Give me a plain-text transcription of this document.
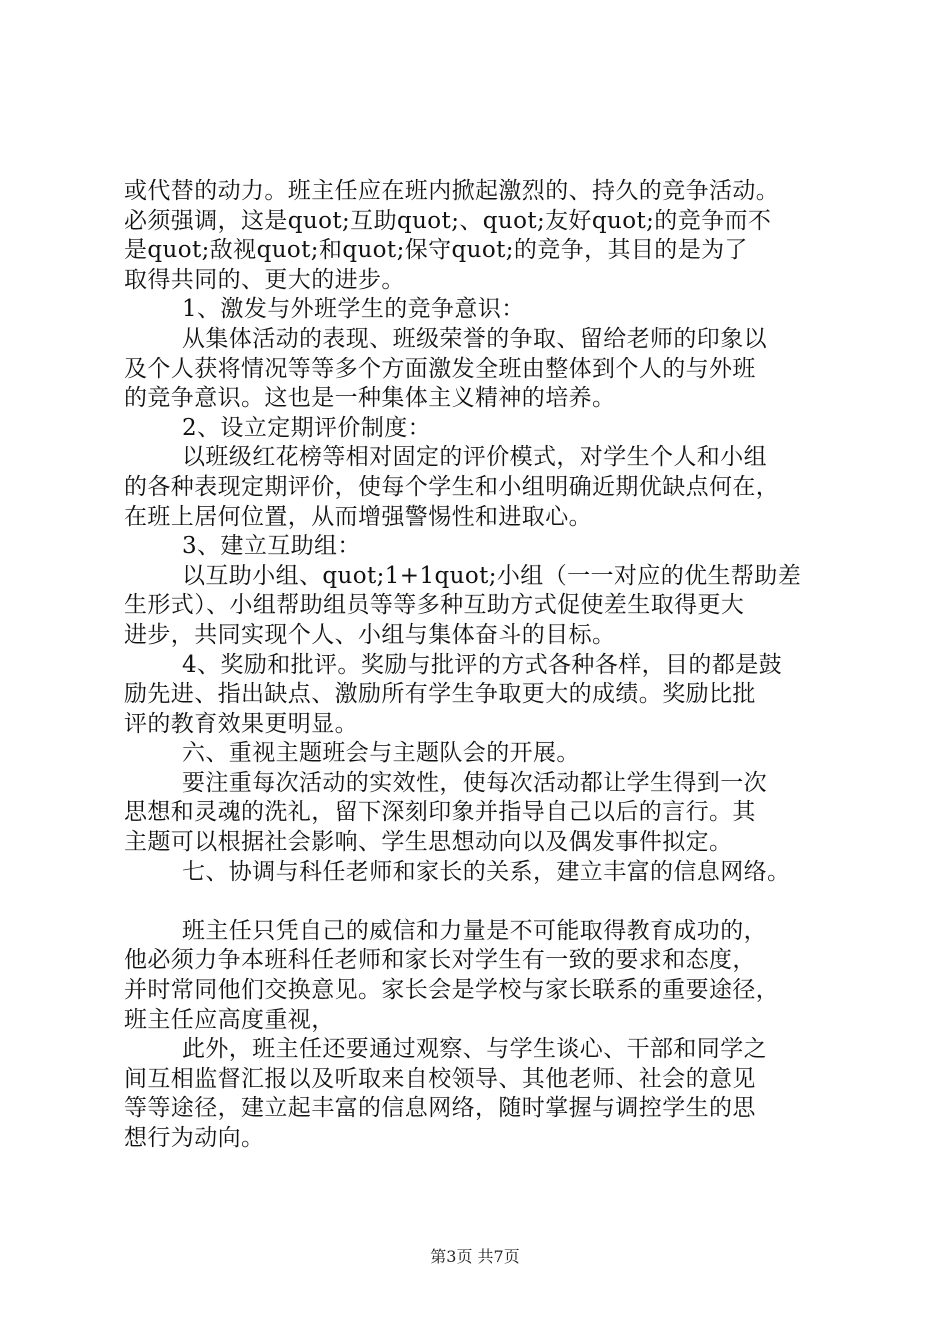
或代替的动力。班主任应在班内掀起激烈的、持久的竞争活动。
必须强调，这是quot;互助quot;、quot;友好quot;的竞争而不
是quot;敌视quot;和quot;保守quot;的竞争，其目的是为了
取得共同的、更大的进步。
1、激发与外班学生的竞争意识：
从集体活动的表现、班级荣誉的争取、留给老师的印象以
及个人获将情况等等多个方面激发全班由整体到个人的与外班
的竞争意识。这也是一种集体主义精神的培养。
2、设立定期评价制度：
以班级红花榜等相对固定的评价模式，对学生个人和小组
的各种表现定期评价，使每个学生和小组明确近期优缺点何在，
在班上居何位置，从而增强警惕性和进取心。
3、建立互助组：
以互助小组、quot;1+1quot;小组（一一对应的优生帮助差
生形式）、小组帮助组员等等多种互助方式促使差生取得更大
进步，共同实现个人、小组与集体奋斗的目标。
4、奖励和批评。奖励与批评的方式各种各样，目的都是鼓
励先进、指出缺点、激励所有学生争取更大的成绩。奖励比批
评的教育效果更明显。
六、重视主题班会与主题队会的开展。
要注重每次活动的实效性，使每次活动都让学生得到一次
思想和灵魂的洗礼，留下深刻印象并指导自己以后的言行。其
主题可以根据社会影响、学生思想动向以及偶发事件拟定。
七、协调与科任老师和家长的关系，建立丰富的信息网络。
班主任只凭自己的威信和力量是不可能取得教育成功的，
他必须力争本班科任老师和家长对学生有一致的要求和态度，
并时常同他们交换意见。家长会是学校与家长联系的重要途径，
班主任应高度重视，
此外，班主任还要通过观察、与学生谈心、干部和同学之
间互相监督汇报以及听取来自校领导、其他老师、社会的意见
等等途径，建立起丰富的信息网络，随时掌握与调控学生的思
想行为动向。
第3页 共7页
